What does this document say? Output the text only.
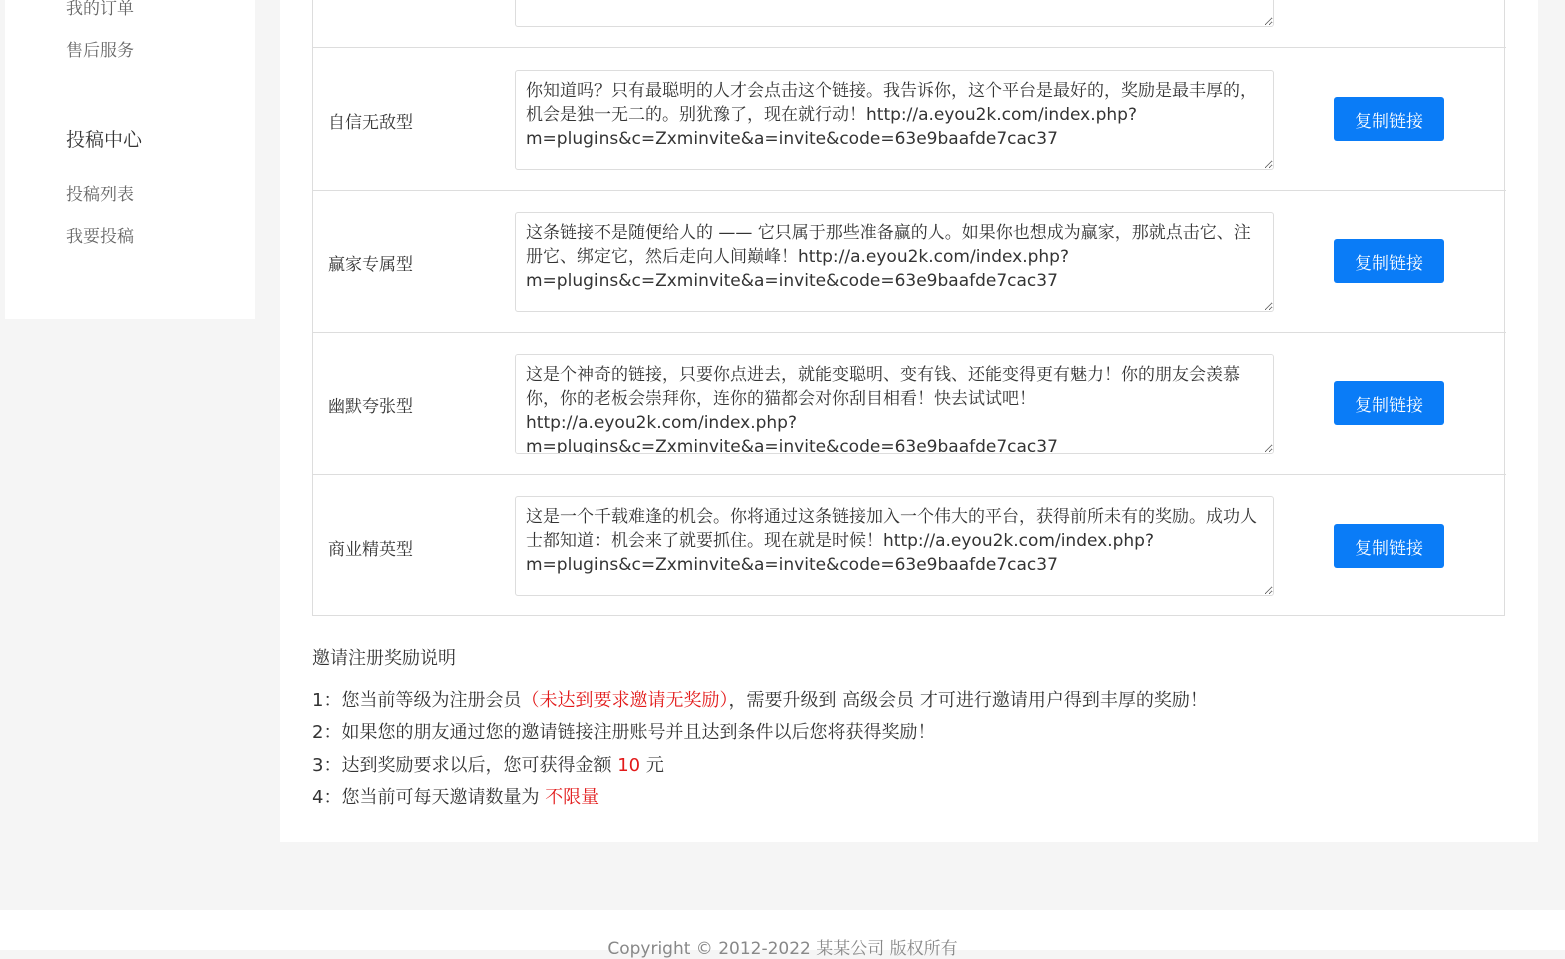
我的订单
售后服务
投稿中心
投稿列表
我要投稿
m=plugins&c=Zxminvite&a=invite&code=63e9baafde7cac37
自信无敌型
你知道吗？只有最聪明的人才会点击这个链接。我告诉你，这个平台是最好的，奖励是最丰厚的，机会是独一无二的。别犹豫了，现在就行动！http://a.eyou2k.com/index.php?m=plugins&c=Zxminvite&a=invite&code=63e9baafde7cac37	复制链接
赢家专属型
这条链接不是随便给人的 —— 它只属于那些准备赢的人。如果你也想成为赢家，那就点击它、注册它、绑定它，然后走向人间巅峰！http://a.eyou2k.com/index.php?m=plugins&c=Zxminvite&a=invite&code=63e9baafde7cac37	复制链接
幽默夸张型
这是个神奇的链接，只要你点进去，就能变聪明、变有钱、还能变得更有魅力！你的朋友会羡慕你，你的老板会崇拜你，连你的猫都会对你刮目相看！快去试试吧！http://a.eyou2k.com/index.php?m=plugins&c=Zxminvite&a=invite&code=63e9baafde7cac37	复制链接
商业精英型
这是一个千载难逢的机会。你将通过这条链接加入一个伟大的平台，获得前所未有的奖励。成功人士都知道：机会来了就要抓住。现在就是时候！http://a.eyou2k.com/index.php?m=plugins&c=Zxminvite&a=invite&code=63e9baafde7cac37	复制链接
邀请注册奖励说明
1：您当前等级为注册会员（未达到要求邀请无奖励），需要升级到 高级会员 才可进行邀请用户得到丰厚的奖励！
2：如果您的朋友通过您的邀请链接注册账号并且达到条件以后您将获得奖励！
3：达到奖励要求以后，您可获得金额 10 元
4：您当前可每天邀请数量为 不限量
Copyright © 2012-2022 某某公司 版权所有
